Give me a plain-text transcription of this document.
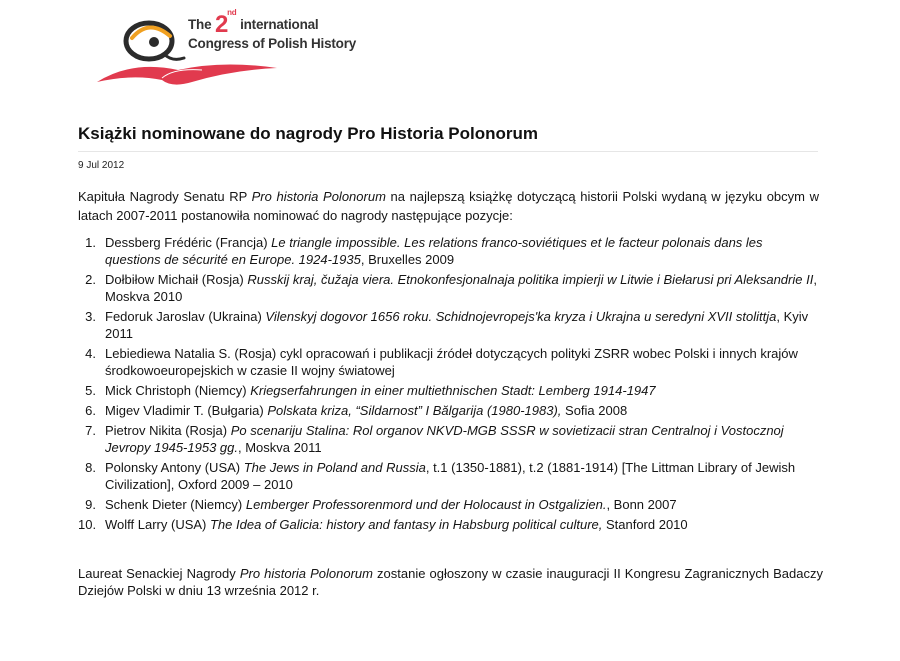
The 2nd international
Congress of Polish History
Książki nominowane do nagrody Pro Historia Polonorum
9 Jul 2012

Kapituła Nagrody Senatu RP Pro historia Polonorum na najlepszą książkę dotyczącą historii Polski wydaną w języku obcym w latach 2007-2011 postanowiła nominować do nagrody następujące pozycje:

1. Dessberg Frédéric (Francja) Le triangle impossible. Les relations franco-soviétiques et le facteur polonais dans les questions de sécurité en Europe. 1924-1935, Bruxelles 2009
2. Dołbiłow Michaił (Rosja) Russkij kraj, čužaja viera. Etnokonfesjonalnaja politika impierji w Litwie i Biełarusi pri Aleksandrie II, Moskva 2010
3. Fedoruk Jaroslav (Ukraina) Vilenskyj dogovor 1656 roku. Schidnojevropejs'ka kryza i Ukrajna u seredyni XVII stolittja, Kyiv 2011
4. Lebiediewa Natalia S. (Rosja) cykl opracowań i publikacji źródeł dotyczących polityki ZSRR wobec Polski i innych krajów środkowoeuropejskich w czasie II wojny światowej
5. Mick Christoph (Niemcy) Kriegserfahrungen in einer multiethnischen Stadt: Lemberg 1914-1947
6. Migev Vladimir T. (Bułgaria) Polskata kriza, “Sildarnost” I Bălgarija (1980-1983), Sofia 2008
7. Pietrov Nikita (Rosja) Po scenariju Stalina: Rol organov NKVD-MGB SSSR w sovietizacii stran Centralnoj i Vostocznoj Jevropy 1945-1953 gg., Moskva 2011
8. Polonsky Antony (USA) The Jews in Poland and Russia, t.1 (1350-1881), t.2 (1881-1914) [The Littman Library of Jewish Civilization], Oxford 2009 – 2010
9. Schenk Dieter (Niemcy) Lemberger Professorenmord und der Holocaust in Ostgalizien., Bonn 2007
10. Wolff Larry (USA) The Idea of Galicia: history and fantasy in Habsburg political culture, Stanford 2010

Laureat Senackiej Nagrody Pro historia Polonorum zostanie ogłoszony w czasie inauguracji II Kongresu Zagranicznych Badaczy Dziejów Polski w dniu 13 września 2012 r.
